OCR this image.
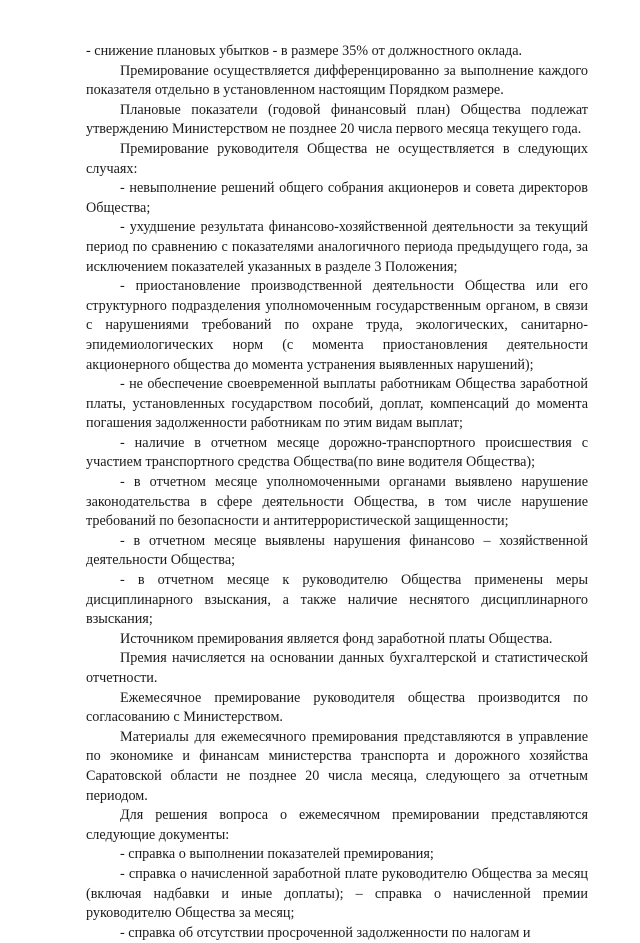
- снижение плановых убытков - в размере 35% от должностного оклада.

Премирование осуществляется дифференцированно за выполнение каждого показателя отдельно в установленном настоящим Порядком размере.

Плановые показатели (годовой финансовый план) Общества подлежат утверждению Министерством не позднее 20 числа первого месяца текущего года.

Премирование руководителя Общества не осуществляется в следующих случаях:

- невыполнение решений общего собрания акционеров и совета директоров Общества;

- ухудшение результата финансово-хозяйственной деятельности за текущий период по сравнению с показателями аналогичного периода предыдущего года, за исключением показателей указанных в разделе 3 Положения;

- приостановление производственной деятельности Общества или его структурного подразделения уполномоченным государственным органом, в связи с нарушениями требований по охране труда, экологических, санитарно-эпидемиологических норм (с момента приостановления деятельности акционерного общества до момента устранения выявленных нарушений);

- не обеспечение своевременной выплаты работникам Общества заработной платы, установленных государством пособий, доплат, компенсаций до момента погашения задолженности работникам по этим видам выплат;

- наличие в отчетном месяце дорожно-транспортного происшествия с участием транспортного средства Общества(по вине водителя Общества);

- в отчетном месяце уполномоченными органами выявлено нарушение законодательства в сфере деятельности Общества, в том числе нарушение требований по безопасности и антитеррористической защищенности;

- в отчетном месяце выявлены нарушения финансово – хозяйственной деятельности Общества;

- в отчетном месяце к руководителю Общества применены меры дисциплинарного взыскания, а также наличие неснятого дисциплинарного взыскания;

Источником премирования является фонд заработной платы Общества.

Премия начисляется на основании данных бухгалтерской и статистической отчетности.

Ежемесячное премирование руководителя общества производится по согласованию с Министерством.

Материалы для ежемесячного премирования представляются в управление по экономике и финансам министерства транспорта и дорожного хозяйства Саратовской области не позднее 20 числа месяца, следующего за отчетным периодом.

Для решения вопроса о ежемесячном премировании представляются следующие документы:

- справка о выполнении показателей премирования;

- справка о начисленной заработной плате руководителю Общества за месяц (включая надбавки и иные доплаты); – справка о начисленной премии руководителю Общества за месяц;

- справка об отсутствии просроченной задолженности по налогам и
